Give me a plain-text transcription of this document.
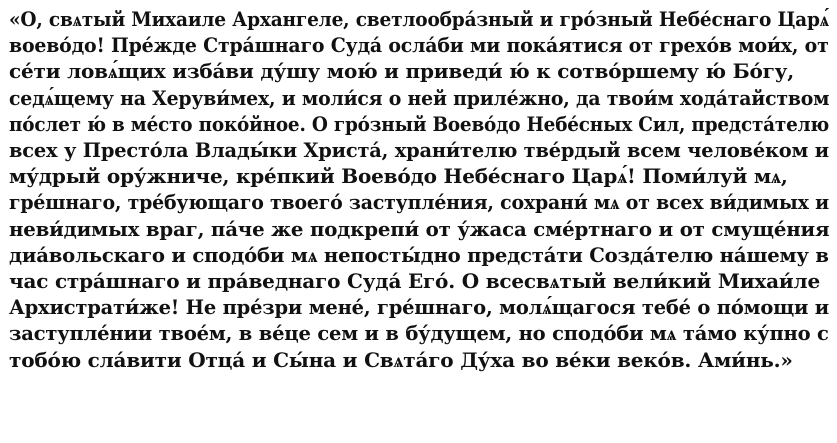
«О, свѧтый Михаиле Архангеле, светлообра́зный и гро́зный Небе́снаго Царѧ́
воево́до! Пре́жде Стра́шнаго Суда́ осла́би ми пока́ятися от грехо́в мои́х, от
се́ти ловѧ́щих изба́ви ду́шу мою́ и приведи́ ю́ к сотво́ршему ю́ Бо́гу,
седѧ́щему на Херуви́мех, и моли́ся о ней приле́жно, да твои́м хода́тайством
по́слет ю́ в ме́сто поко́йное. О гро́зный Воево́до Небе́сных Сил, предста́телю
всех у Престо́ла Влады́ки Христа́, храни́телю тве́рдый всем челове́ком и
му́дрый ору́жниче, кре́пкий Воево́до Небе́снаго Царѧ́! Поми́луй мѧ,
гре́шнаго, тре́бующаго твоего́ заступле́ния, сохрани́ мѧ от всех ви́димых и
неви́димых враг, па́че же подкрепи́ от у́жаса сме́ртнаго и от смуще́ния
диа́вольскаго и сподо́би мѧ непосты́дно предста́ти Созда́телю на́шему в
час стра́шнаго и пра́веднаго Суда́ Его́. О всесвѧтый вели́кий Михаи́ле
Архистрати́же! Не пре́зри мене́, гре́шнаго, молѧ́щагося тебе́ о по́мощи и
заступле́нии твое́м, в ве́це сем и в бу́дущем, но сподо́би мѧ та́мо ку́пно с
тобо́ю сла́вити Отца́ и Сы́на и Свѧта́го Ду́ха во ве́ки веко́в. Ами́нь.»
